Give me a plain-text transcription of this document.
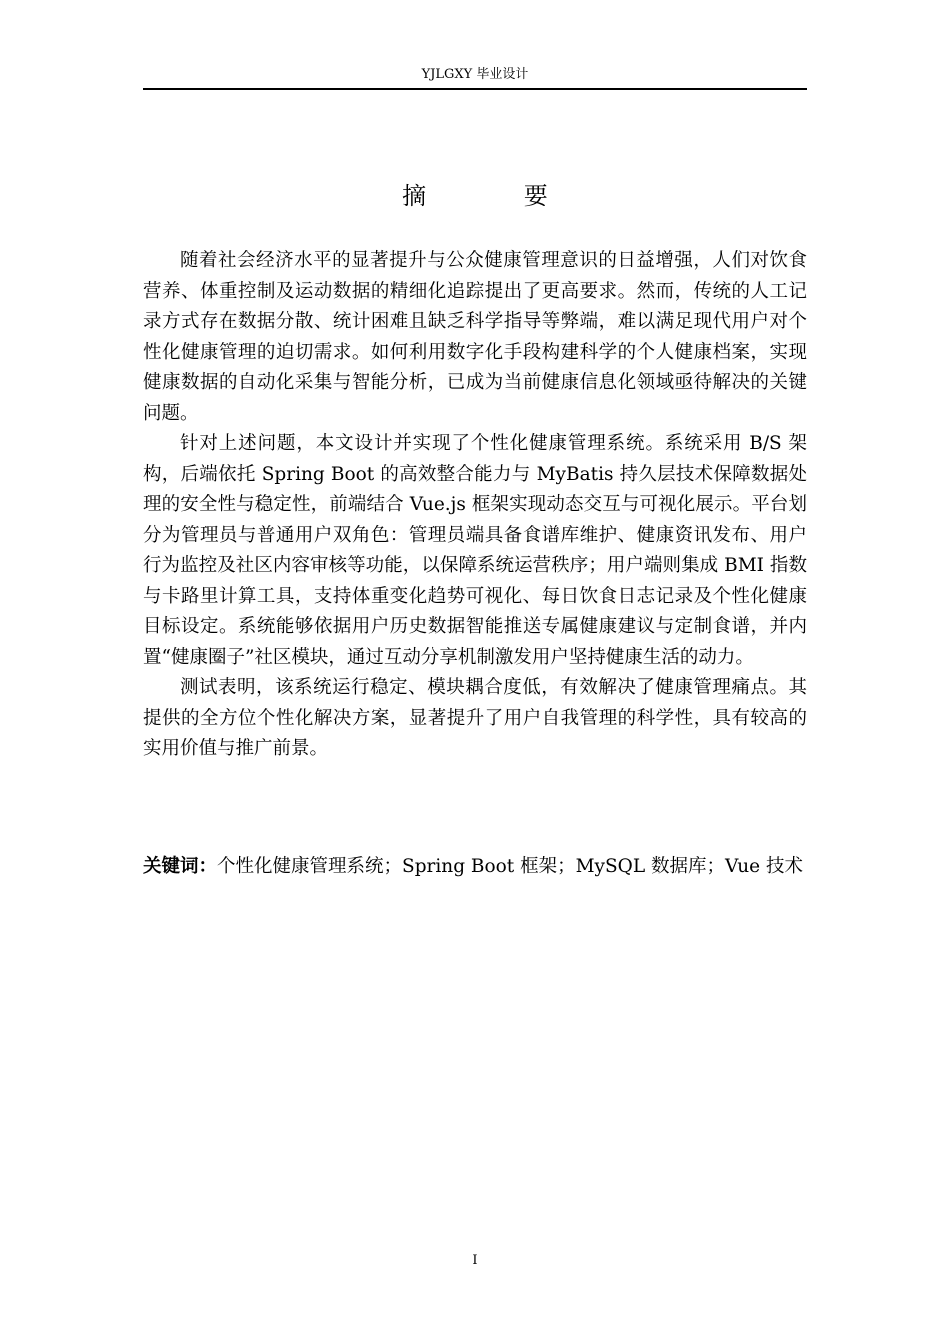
YJLGXY 毕业设计
摘 要

随着社会经济水平的显著提升与公众健康管理意识的日益增强，人们对饮食营养、体重控制及运动数据的精细化追踪提出了更高要求。然而，传统的人工记录方式存在数据分散、统计困难且缺乏科学指导等弊端，难以满足现代用户对个性化健康管理的迫切需求。如何利用数字化手段构建科学的个人健康档案，实现健康数据的自动化采集与智能分析，已成为当前健康信息化领域亟待解决的关键问题。

针对上述问题，本文设计并实现了个性化健康管理系统。系统采用 B/S 架构，后端依托 Spring Boot 的高效整合能力与 MyBatis 持久层技术保障数据处理的安全性与稳定性，前端结合 Vue.js 框架实现动态交互与可视化展示。平台划分为管理员与普通用户双角色：管理员端具备食谱库维护、健康资讯发布、用户行为监控及社区内容审核等功能，以保障系统运营秩序；用户端则集成 BMI 指数与卡路里计算工具，支持体重变化趋势可视化、每日饮食日志记录及个性化健康目标设定。系统能够依据用户历史数据智能推送专属健康建议与定制食谱，并内置“健康圈子”社区模块，通过互动分享机制激发用户坚持健康生活的动力。

测试表明，该系统运行稳定、模块耦合度低，有效解决了健康管理痛点。其提供的全方位个性化解决方案，显著提升了用户自我管理的科学性，具有较高的实用价值与推广前景。

关键词：个性化健康管理系统；Spring Boot 框架；MySQL 数据库；Vue 技术
I
